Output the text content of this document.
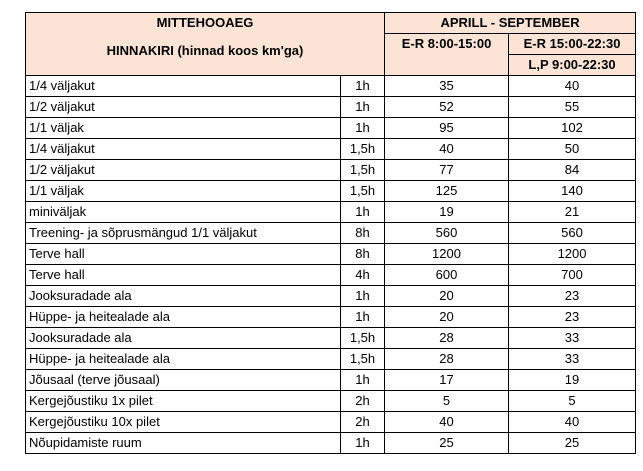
MITTEHOOAEG
HINNAKIRI (hinnad koos km'ga)		APRILL - SEPTEMBER	

		E-R 8:00-15:00	E-R 15:00-22:30

			L,P 9:00-22:30

1/4 väljakut	1h	35	40
1/2 väljakut	1h	52	55
1/1 väljak	1h	95	102
1/4 väljakut	1,5h	40	50
1/2 väljakut	1,5h	77	84
1/1 väljak	1,5h	125	140
miniväljak	1h	19	21
Treening- ja sõprusmängud 1/1 väljakut	8h	560	560
Terve hall	8h	1200	1200
Terve hall	4h	600	700
Jooksuradade ala	1h	20	23
Hüppe- ja heitealade ala	1h	20	23
Jooksuradade ala	1,5h	28	33
Hüppe- ja heitealade ala	1,5h	28	33
Jõusaal (terve jõusaal)	1h	17	19
Kergejõustiku 1x pilet	2h	5	5
Kergejõustiku 10x pilet	2h	40	40
Nõupidamiste ruum	1h	25	25
